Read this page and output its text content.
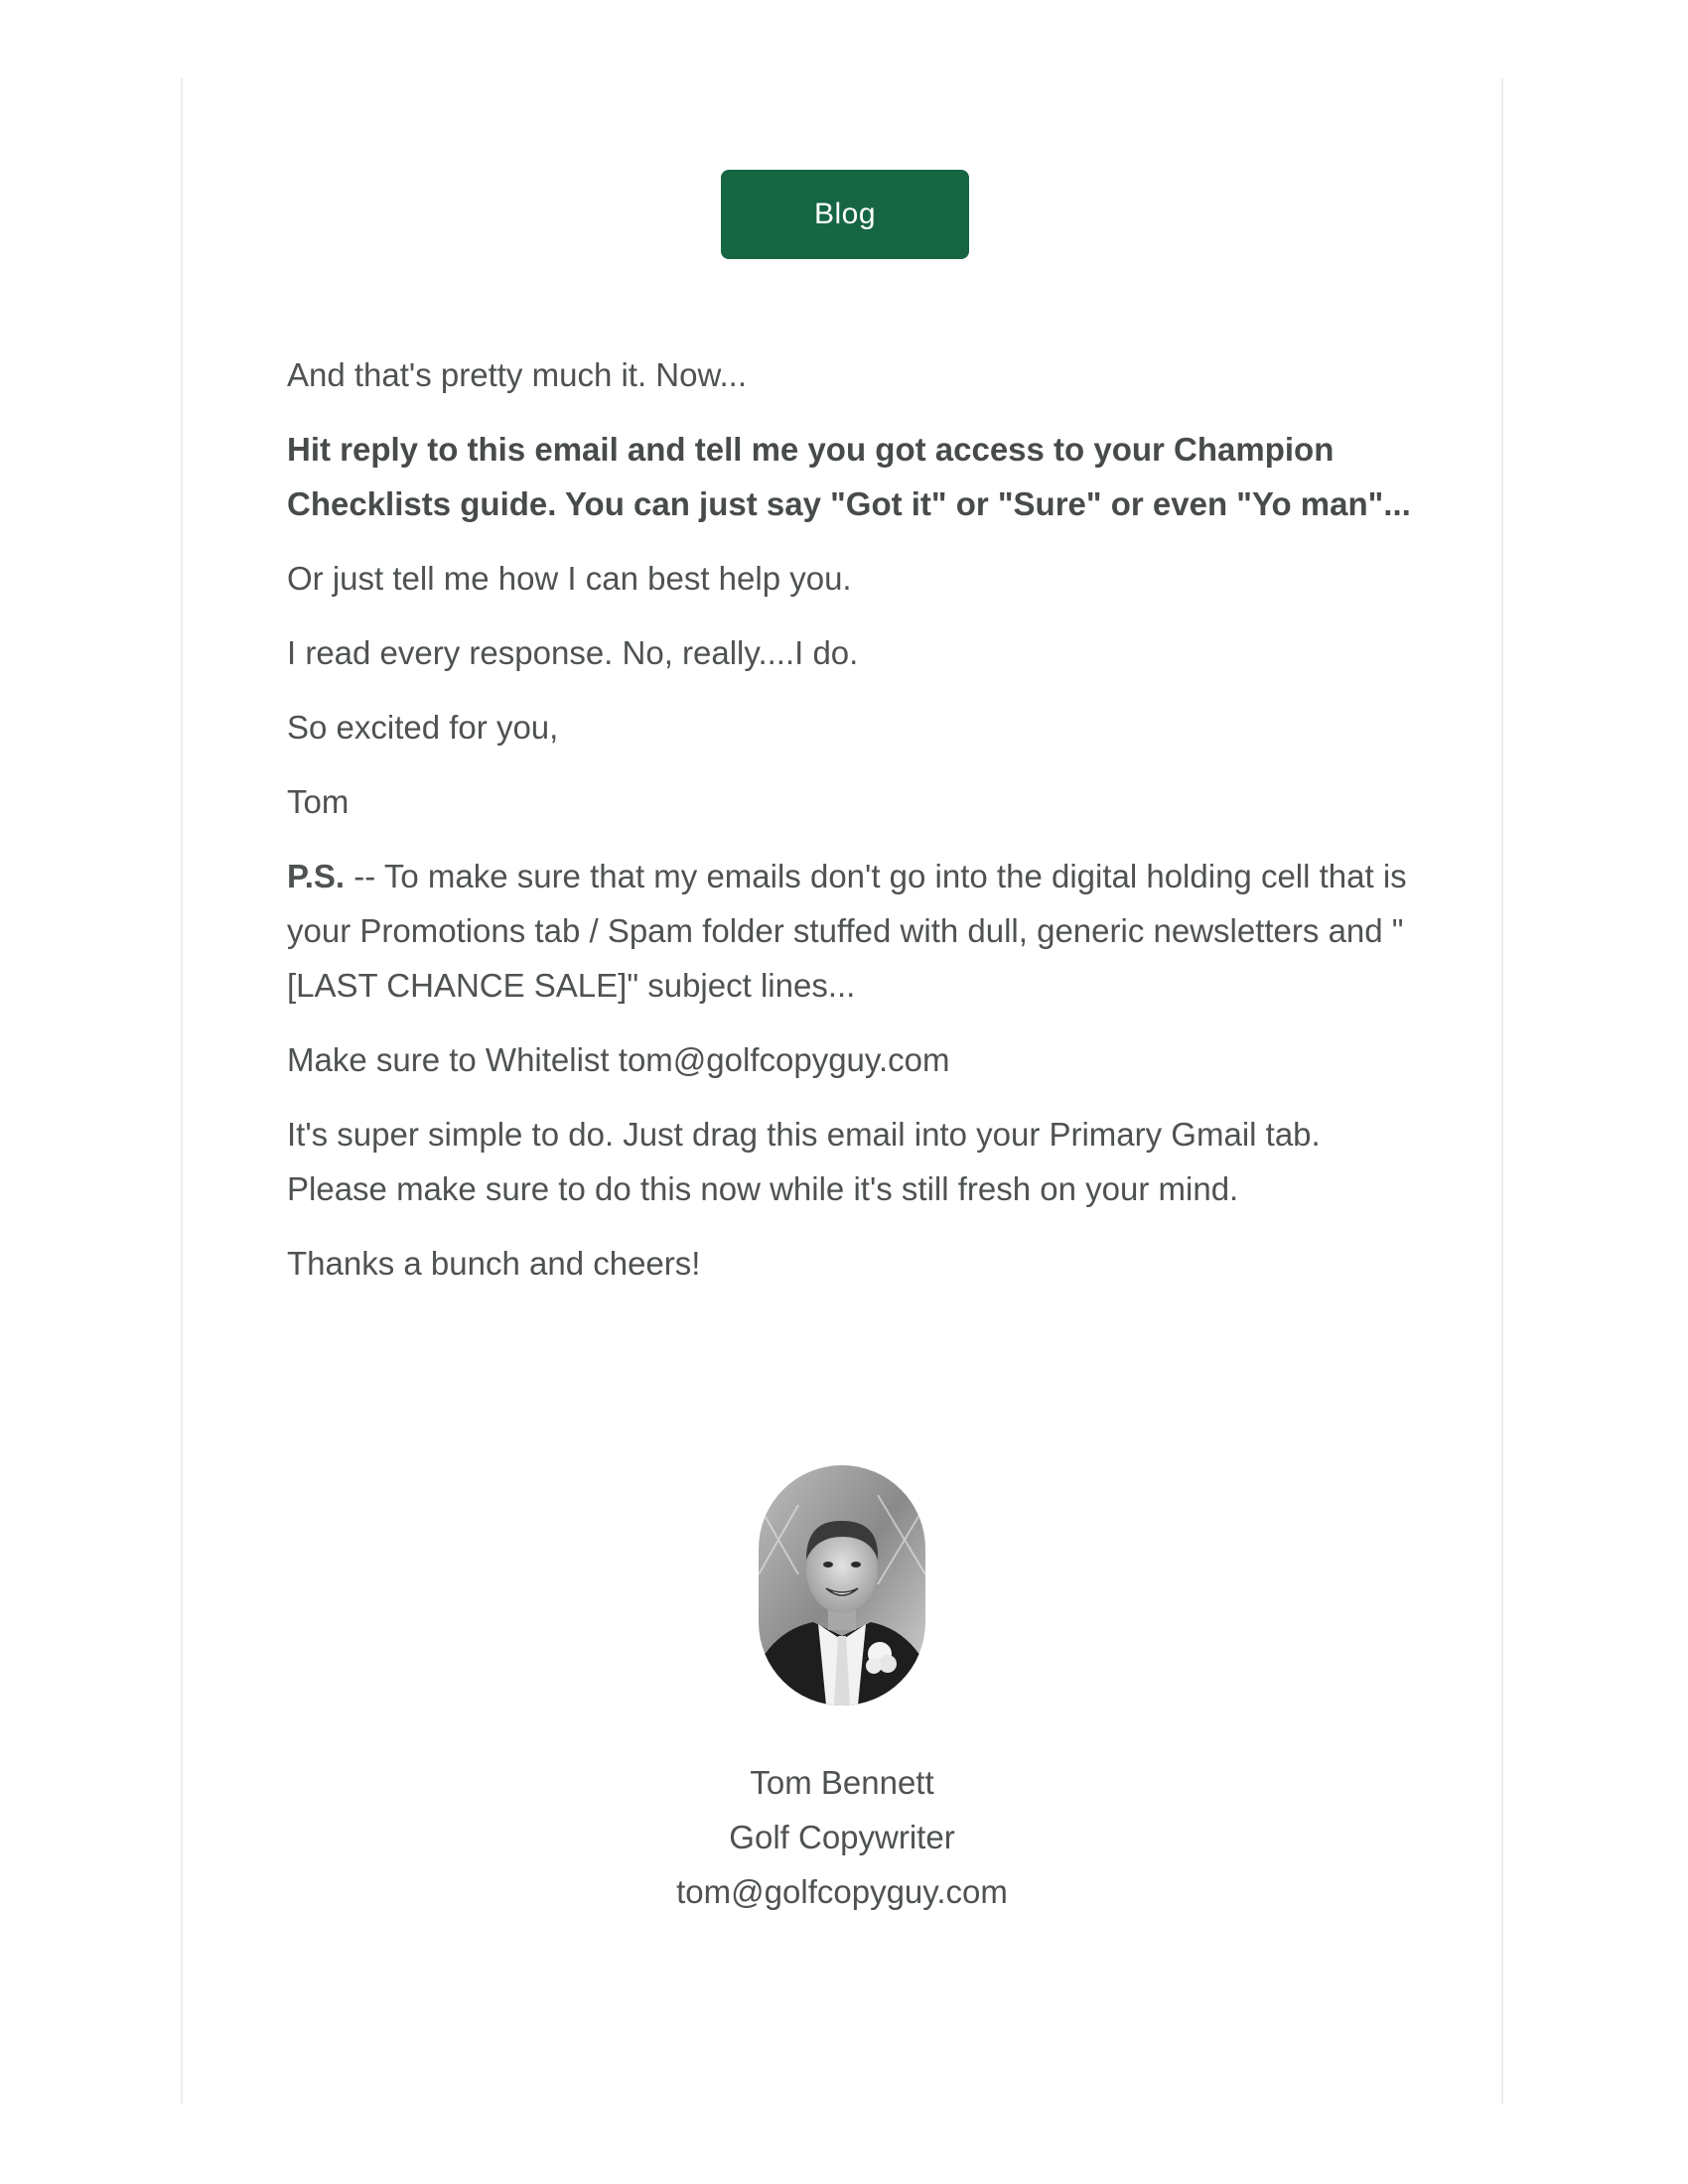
Blog

And that's pretty much it. Now...

Hit reply to this email and tell me you got access to your Champion Checklists guide. You can just say "Got it" or "Sure" or even "Yo man"...

Or just tell me how I can best help you.

I read every response. No, really....I do.

So excited for you,

Tom

P.S. -- To make sure that my emails don't go into the digital holding cell that is your Promotions tab / Spam folder stuffed with dull, generic newsletters and "[LAST CHANCE SALE]" subject lines...

Make sure to Whitelist tom@golfcopyguy.com

It's super simple to do. Just drag this email into your Primary Gmail tab. Please make sure to do this now while it's still fresh on your mind.

Thanks a bunch and cheers!

Tom Bennett
Golf Copywriter
tom@golfcopyguy.com
